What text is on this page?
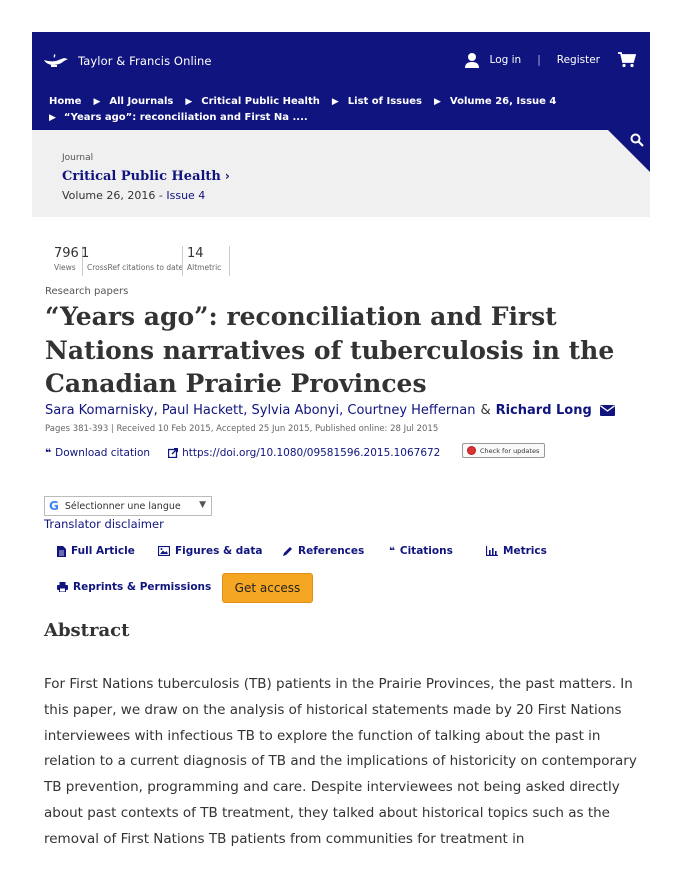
Taylor & Francis Online	Log in | Register
Home ▶ All Journals ▶ Critical Public Health ▶ List of Issues ▶ Volume 26, Issue 4
▶ “Years ago”: reconciliation and First Na ....
Journal
Critical Public Health ›
Volume 26, 2016 - Issue 4
796
Views
1
CrossRef citations to date
14
Altmetric
Research papers
“Years ago”: reconciliation and First Nations narratives of tuberculosis in the Canadian Prairie Provinces
Sara Komarnisky, Paul Hackett, Sylvia Abonyi, Courtney Heffernan & Richard Long
Pages 381-393 | Received 10 Feb 2015, Accepted 25 Jun 2015, Published online: 28 Jul 2015
❝ Download citation	https://doi.org/10.1080/09581596.2015.1067672	Check for updates
G Sélectionner une langue ▼
Translator disclaimer
Full Article	Figures & data	References ❝ Citations	Metrics
Reprints & Permissions	Get access
Abstract

For First Nations tuberculosis (TB) patients in the Prairie Provinces, the past matters. In this paper, we draw on the analysis of historical statements made by 20 First Nations interviewees with infectious TB to explore the function of talking about the past in relation to a current diagnosis of TB and the implications of historicity on contemporary TB prevention, programming and care. Despite interviewees not being asked directly about past contexts of TB treatment, they talked about historical topics such as the removal of First Nations TB patients from communities for treatment in
